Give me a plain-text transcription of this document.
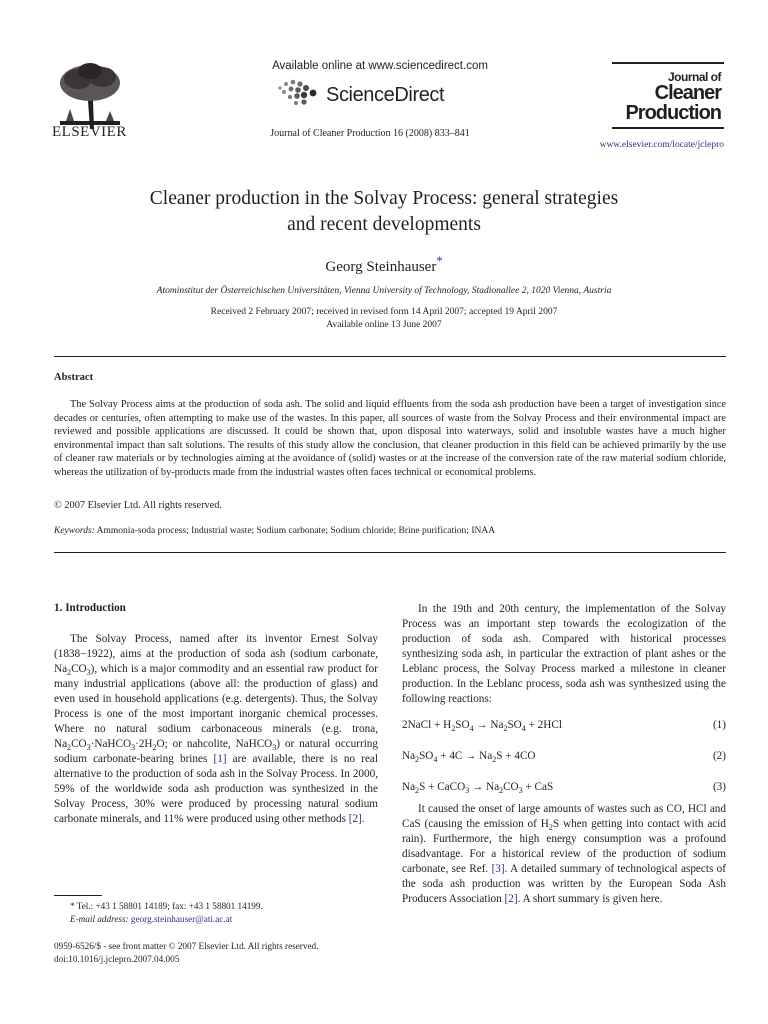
ELSEVIER
Available online at www.sciencedirect.com
ScienceDirect
Journal of Cleaner Production 16 (2008) 833–841
Journal of
Cleaner
Production
www.elsevier.com/locate/jclepro
Cleaner production in the Solvay Process: general strategies
and recent developments
Georg Steinhauser*
Atominstitut der Österreichischen Universitäten, Vienna University of Technology, Stadionallee 2, 1020 Vienna, Austria
Received 2 February 2007; received in revised form 14 April 2007; accepted 19 April 2007
Available online 13 June 2007
Abstract

The Solvay Process aims at the production of soda ash. The solid and liquid effluents from the soda ash production have been a target of investigation since decades or centuries, often attempting to make use of the wastes. In this paper, all sources of waste from the Solvay Process and their environmental impact are reviewed and possible applications are discussed. It could be shown that, upon disposal into waterways, solid and insoluble wastes have a much higher environmental impact than salt solutions. The results of this study allow the conclusion, that cleaner production in this field can be achieved primarily by the use of cleaner raw materials or by technologies aiming at the avoidance of (solid) wastes or at the increase of the conversion rate of the raw material sodium chloride, whereas the utilization of by-products made from the industrial wastes often faces technical or economical problems.

© 2007 Elsevier Ltd. All rights reserved.
Keywords: Ammonia-soda process; Industrial waste; Sodium carbonate; Sodium chloride; Brine purification; INAA
1. Introduction

The Solvay Process, named after its inventor Ernest Solvay (1838−1922), aims at the production of soda ash (sodium carbonate, $Na_2CO_3$), which is a major commodity and an essential raw product for many industrial applications (above all: the production of glass) and even used in household applications (e.g. detergents). Thus, the Solvay Process is one of the most important inorganic chemical processes. Where no natural sodium carbonaceous minerals (e.g. trona, $Na_2CO_3\cdot NaHCO_3\cdot 2H_2O$; or nahcolite, NaHCO$_3$) or natural occurring sodium carbonate-bearing brines [1] are available, there is no real alternative to the production of soda ash in the Solvay Process. In 2000, 59% of the worldwide soda ash production was synthesized in the Solvay Process, 30% were produced by processing natural sodium carbonate minerals, and 11% were produced using other methods [2].

* Tel.: +43 1 58801 14189; fax: +43 1 58801 14199.
E-mail address: georg.steinhauser@ati.ac.at
0959-6526/$ - see front matter © 2007 Elsevier Ltd. All rights reserved.
doi:10.1016/j.jclepro.2007.04.005

In the 19th and 20th century, the implementation of the Solvay Process was an important step towards the ecologization of the production of soda ash. Compared with historical processes synthesizing soda ash, in particular the extraction of plant ashes or the Leblanc process, the Solvay Process marked a milestone in cleaner production. In the Leblanc process, soda ash was synthesized using the following reactions:

2NaCl + $H_2SO_4 \to Na_2SO_4 + 2HCl$	(1)
$Na_2SO_4 + 4C \to Na_2S + 4CO$	(2)
$Na_2S$ + CaCO$_3$ → $Na_2CO_3$ + CaS	(3)

It caused the onset of large amounts of wastes such as CO, HCl and CaS (causing the emission of $H_2S$ when getting into contact with acid rain). Furthermore, the high energy consumption was a profound disadvantage. For a historical review of the production of sodium carbonate, see Ref. [3]. A detailed summary of technological aspects of the soda ash production was written by the European Soda Ash Producers Association [2]. A short summary is given here.
